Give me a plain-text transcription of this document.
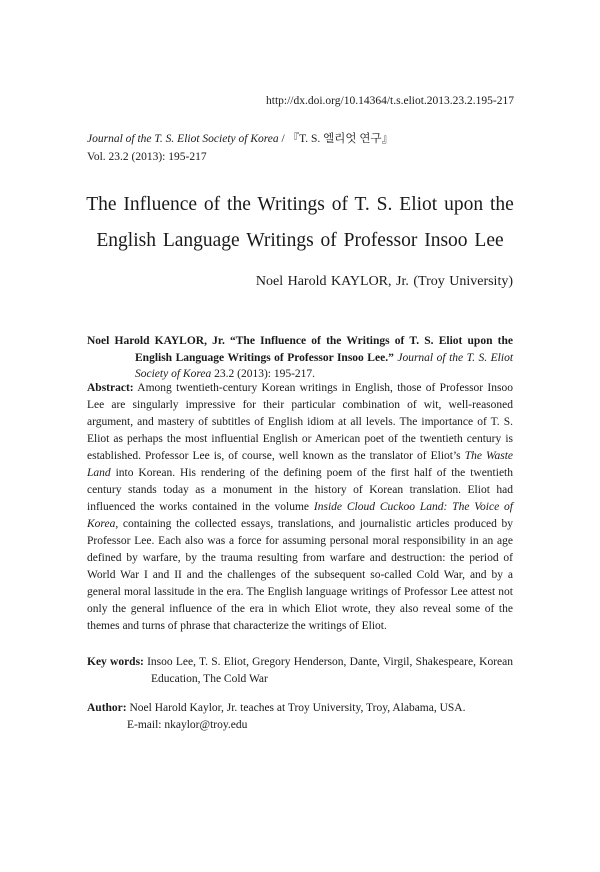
http://dx.doi.org/10.14364/t.s.eliot.2013.23.2.195-217
Journal of the T. S. Eliot Society of Korea / 『T. S. 엘리엇 연구』
Vol. 23.2 (2013): 195-217
The Influence of the Writings of T. S. Eliot upon the
English Language Writings of Professor Insoo Lee
Noel Harold KAYLOR, Jr. (Troy University)
Noel Harold KAYLOR, Jr. “The Influence of the Writings of T. S. Eliot upon the English Language Writings of Professor Insoo Lee.” Journal of the T. S. Eliot Society of Korea 23.2 (2013): 195-217.
Abstract: Among twentieth-century Korean writings in English, those of Professor Insoo Lee are singularly impressive for their particular combination of wit, well-reasoned argument, and mastery of subtitles of English idiom at all levels. The importance of T. S. Eliot as perhaps the most influential English or American poet of the twentieth century is established. Professor Lee is, of course, well known as the translator of Eliot’s The Waste Land into Korean. His rendering of the defining poem of the first half of the twentieth century stands today as a monument in the history of Korean translation. Eliot had influenced the works contained in the volume Inside Cloud Cuckoo Land: The Voice of Korea, containing the collected essays, translations, and journalistic articles produced by Professor Lee. Each also was a force for assuming personal moral responsibility in an age defined by warfare, by the trauma resulting from warfare and destruction: the period of World War I and II and the challenges of the subsequent so-called Cold War, and by a general moral lassitude in the era. The English language writings of Professor Lee attest not only the general influence of the era in which Eliot wrote, they also reveal some of the themes and turns of phrase that characterize the writings of Eliot.
Key words: Insoo Lee, T. S. Eliot, Gregory Henderson, Dante, Virgil, Shakespeare, Korean Education, The Cold War
Author: Noel Harold Kaylor, Jr. teaches at Troy University, Troy, Alabama, USA.
E-mail: nkaylor@troy.edu
